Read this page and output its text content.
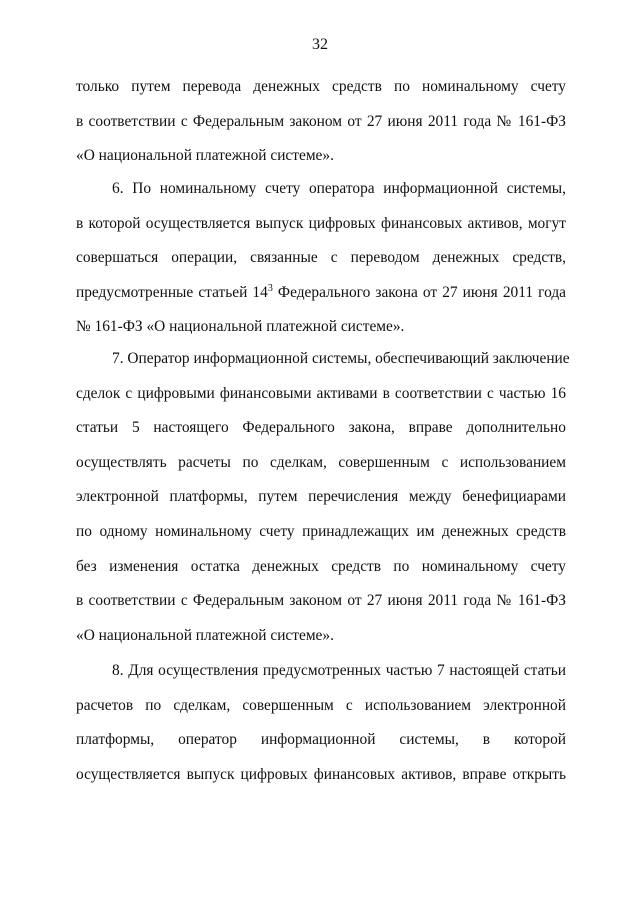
32
только путем перевода денежных средств по номинальному счету
в соответствии с Федеральным законом от 27 июня 2011 года № 161-ФЗ
«О национальной платежной системе».
6. По номинальному счету оператора информационной системы,
в которой осуществляется выпуск цифровых финансовых активов, могут
совершаться операции, связанные с переводом денежных средств,
предусмотренные статьей $14^3$ Федерального закона от 27 июня 2011 года
№ 161-ФЗ «О национальной платежной системе».
7. Оператор информационной системы, обеспечивающий заключение
сделок с цифровыми финансовыми активами в соответствии с частью 16
статьи 5 настоящего Федерального закона, вправе дополнительно
осуществлять расчеты по сделкам, совершенным с использованием
электронной платформы, путем перечисления между бенефициарами
по одному номинальному счету принадлежащих им денежных средств
без изменения остатка денежных средств по номинальному счету
в соответствии с Федеральным законом от 27 июня 2011 года № 161-ФЗ
«О национальной платежной системе».
8. Для осуществления предусмотренных частью 7 настоящей статьи
расчетов по сделкам, совершенным с использованием электронной
платформы, оператор информационной системы, в которой
осуществляется выпуск цифровых финансовых активов, вправе открыть
